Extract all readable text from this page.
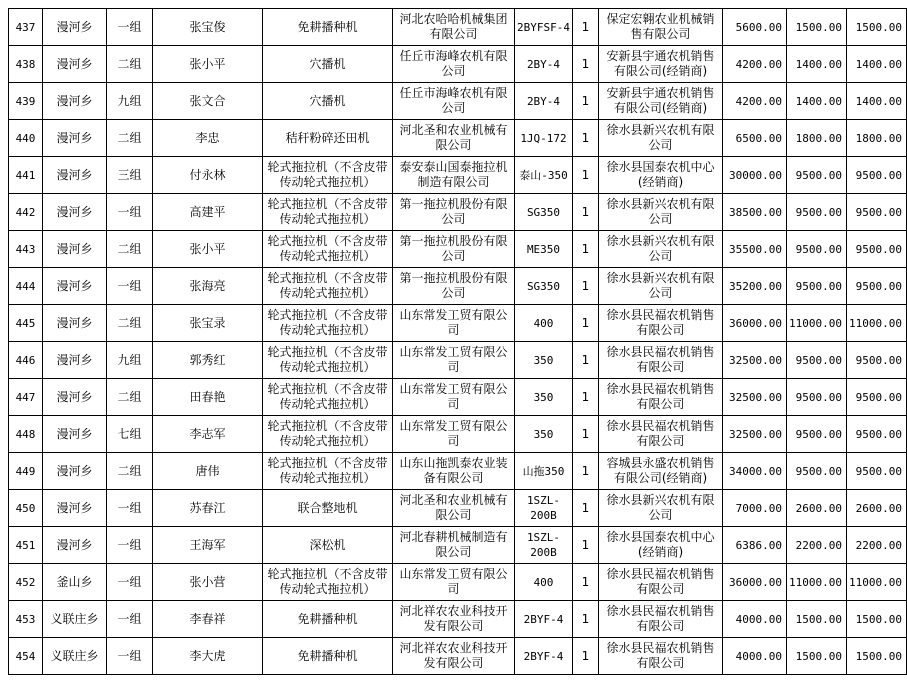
437	漫河乡	一组	张宝俊	免耕播种机	河北农哈哈机械集团有限公司	2BYFSF-4	1	保定宏翱农业机械销售有限公司	5600.00	1500.00	1500.00
438	漫河乡	二组	张小平	穴播机	任丘市海峰农机有限公司	2BY-4	1	安新县宇通农机销售有限公司(经销商)	4200.00	1400.00	1400.00
439	漫河乡	九组	张文合	穴播机	任丘市海峰农机有限公司	2BY-4	1	安新县宇通农机销售有限公司(经销商)	4200.00	1400.00	1400.00
440	漫河乡	二组	李忠	秸秆粉碎还田机	河北圣和农业机械有限公司	1JQ-172	1	徐水县新兴农机有限公司	6500.00	1800.00	1800.00
441	漫河乡	三组	付永林	轮式拖拉机（不含皮带传动轮式拖拉机）	泰安泰山国泰拖拉机制造有限公司	泰山-350	1	徐水县国泰农机中心(经销商)	30000.00	9500.00	9500.00
442	漫河乡	一组	高建平	轮式拖拉机（不含皮带传动轮式拖拉机）	第一拖拉机股份有限公司	SG350	1	徐水县新兴农机有限公司	38500.00	9500.00	9500.00
443	漫河乡	二组	张小平	轮式拖拉机（不含皮带传动轮式拖拉机）	第一拖拉机股份有限公司	ME350	1	徐水县新兴农机有限公司	35500.00	9500.00	9500.00
444	漫河乡	一组	张海亮	轮式拖拉机（不含皮带传动轮式拖拉机）	第一拖拉机股份有限公司	SG350	1	徐水县新兴农机有限公司	35200.00	9500.00	9500.00
445	漫河乡	二组	张宝录	轮式拖拉机（不含皮带传动轮式拖拉机）	山东常发工贸有限公司	400	1	徐水县民福农机销售有限公司	36000.00	11000.00	11000.00
446	漫河乡	九组	郭秀红	轮式拖拉机（不含皮带传动轮式拖拉机）	山东常发工贸有限公司	350	1	徐水县民福农机销售有限公司	32500.00	9500.00	9500.00
447	漫河乡	二组	田春艳	轮式拖拉机（不含皮带传动轮式拖拉机）	山东常发工贸有限公司	350	1	徐水县民福农机销售有限公司	32500.00	9500.00	9500.00
448	漫河乡	七组	李志军	轮式拖拉机（不含皮带传动轮式拖拉机）	山东常发工贸有限公司	350	1	徐水县民福农机销售有限公司	32500.00	9500.00	9500.00
449	漫河乡	二组	唐伟	轮式拖拉机（不含皮带传动轮式拖拉机）	山东山拖凯泰农业装备有限公司	山拖350	1	容城县永盛农机销售有限公司(经销商)	34000.00	9500.00	9500.00
450	漫河乡	一组	苏春江	联合整地机	河北圣和农业机械有限公司	1SZL-200B	1	徐水县新兴农机有限公司	7000.00	2600.00	2600.00
451	漫河乡	一组	王海军	深松机	河北春耕机械制造有限公司	1SZL-200B	1	徐水县国泰农机中心(经销商)	6386.00	2200.00	2200.00
452	釜山乡	一组	张小营	轮式拖拉机（不含皮带传动轮式拖拉机）	山东常发工贸有限公司	400	1	徐水县民福农机销售有限公司	36000.00	11000.00	11000.00
453	义联庄乡	一组	李春祥	免耕播种机	河北祥农农业科技开发有限公司	2BYF-4	1	徐水县民福农机销售有限公司	4000.00	1500.00	1500.00
454	义联庄乡	一组	李大虎	免耕播种机	河北祥农农业科技开发有限公司	2BYF-4	1	徐水县民福农机销售有限公司	4000.00	1500.00	1500.00
